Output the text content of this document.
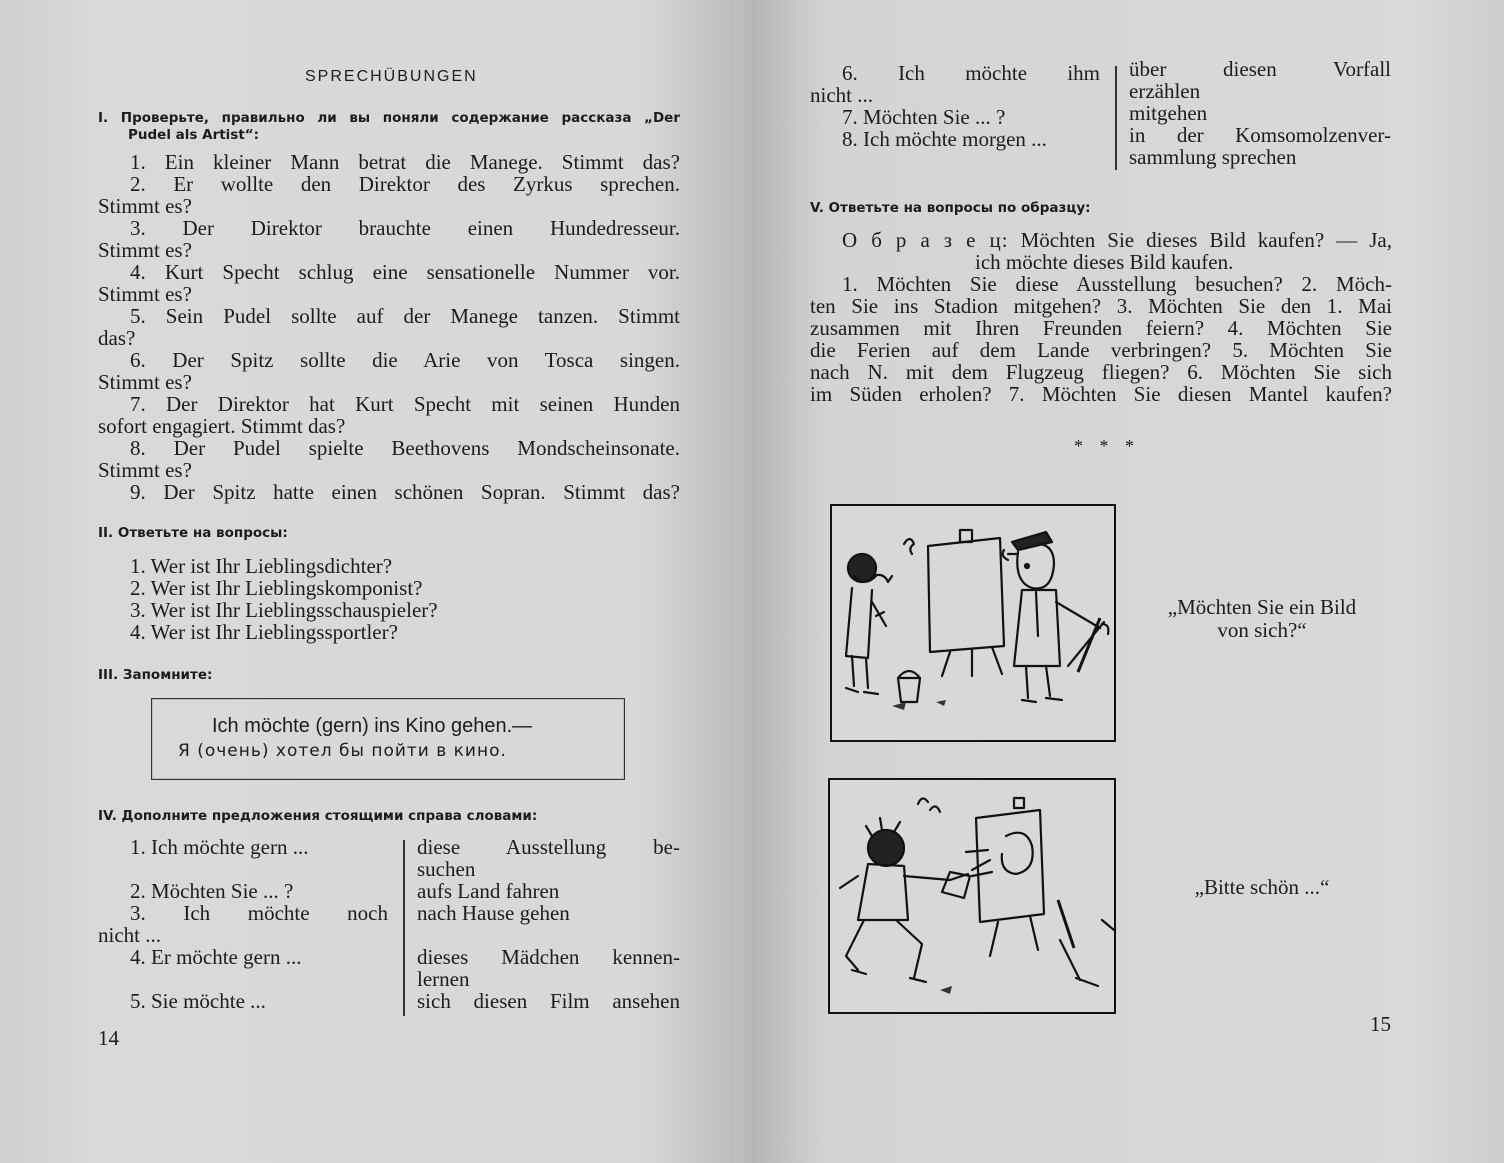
SPRECHÜBUNGEN
I. Проверьте, правильно ли вы поняли содержание рассказа „Der
Pudel als Artist“:
1. Ein kleiner Mann betrat die Manege. Stimmt das?
2. Er wollte den Direktor des Zyrkus sprechen.
Stimmt es?
3. Der Direktor brauchte einen Hundedresseur.
Stimmt es?
4. Kurt Specht schlug eine sensationelle Nummer vor.
Stimmt es?
5. Sein Pudel sollte auf der Manege tanzen. Stimmt
das?
6. Der Spitz sollte die Arie von Tosca singen.
Stimmt es?
7. Der Direktor hat Kurt Specht mit seinen Hunden
sofort engagiert. Stimmt das?
8. Der Pudel spielte Beethovens Mondscheinsonate.
Stimmt es?
9. Der Spitz hatte einen schönen Sopran. Stimmt das?
II. Ответьте на вопросы:
1. Wer ist Ihr Lieblingsdichter?
2. Wer ist Ihr Lieblingskomponist?
3. Wer ist Ihr Lieblingsschauspieler?
4. Wer ist Ihr Lieblingssportler?
III. Запомните:
Ich möchte (gern) ins Kino gehen.—
Я (очень) хотел бы пойти в кино.
IV. Дополните предложения стоящими справа словами:
1. Ich möchte gern ...
2. Möchten Sie ... ?
3. Ich möchte noch
nicht ...
4. Er möchte gern ...
5. Sie möchte ...
diese Ausstellung be-
suchen
aufs Land fahren
nach Hause gehen
dieses Mädchen kennen-
lernen
sich diesen Film ansehen
14
6. Ich möchte ihm
nicht ...
7. Möchten Sie ... ?
8. Ich möchte morgen ...
über diesen Vorfall
erzählen
mitgehen
in der Komsomolzenver-
sammlung sprechen
V. Ответьте на вопросы по образцу:
О б р а з е ц: Möchten Sie dieses Bild kaufen? — Ja,
ich möchte dieses Bild kaufen.
1. Möchten Sie diese Ausstellung besuchen? 2. Möch-
ten Sie ins Stadion mitgehen? 3. Möchten Sie den 1. Mai
zusammen mit Ihren Freunden feiern? 4. Möchten Sie
die Ferien auf dem Lande verbringen? 5. Möchten Sie
nach N. mit dem Flugzeug fliegen? 6. Möchten Sie sich
im Süden erholen? 7. Möchten Sie diesen Mantel kaufen?
* * *
„Möchten Sie ein Bild
von sich?“
„Bitte schön ...“
15
